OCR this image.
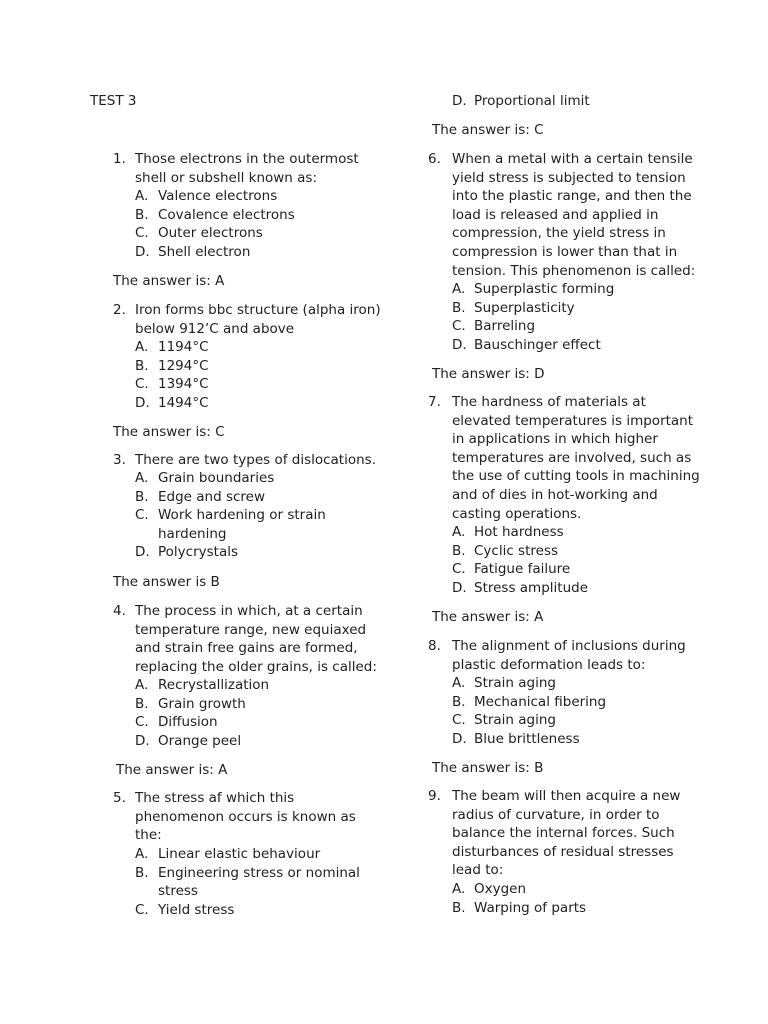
TEST 3
1. Those electrons in the outermost
shell or subshell known as:
A. Valence electrons
B. Covalence electrons
C. Outer electrons
D. Shell electron
The answer is: A
2. Iron forms bbc structure (alpha iron)
below 912’C and above
A. 1194°C
B. 1294°C
C. 1394°C
D. 1494°C
The answer is: C
3. There are two types of dislocations.
A. Grain boundaries
B. Edge and screw
C. Work hardening or strain
hardening
D. Polycrystals
The answer is B
4. The process in which, at a certain
temperature range, new equiaxed
and strain free gains are formed,
replacing the older grains, is called:
A. Recrystallization
B. Grain growth
C. Diffusion
D. Orange peel
The answer is: A
5. The stress af which this
phenomenon occurs is known as
the:
A. Linear elastic behaviour
B. Engineering stress or nominal
stress
C. Yield stress
D. Proportional limit
The answer is: C
6. When a metal with a certain tensile
yield stress is subjected to tension
into the plastic range, and then the
load is released and applied in
compression, the yield stress in
compression is lower than that in
tension. This phenomenon is called:
A. Superplastic forming
B. Superplasticity
C. Barreling
D. Bauschinger effect
The answer is: D
7. The hardness of materials at
elevated temperatures is important
in applications in which higher
temperatures are involved, such as
the use of cutting tools in machining
and of dies in hot-working and
casting operations.
A. Hot hardness
B. Cyclic stress
C. Fatigue failure
D. Stress amplitude
The answer is: A
8. The alignment of inclusions during
plastic deformation leads to:
A. Strain aging
B. Mechanical fibering
C. Strain aging
D. Blue brittleness
The answer is: B
9. The beam will then acquire a new
radius of curvature, in order to
balance the internal forces. Such
disturbances of residual stresses
lead to:
A. Oxygen
B. Warping of parts
